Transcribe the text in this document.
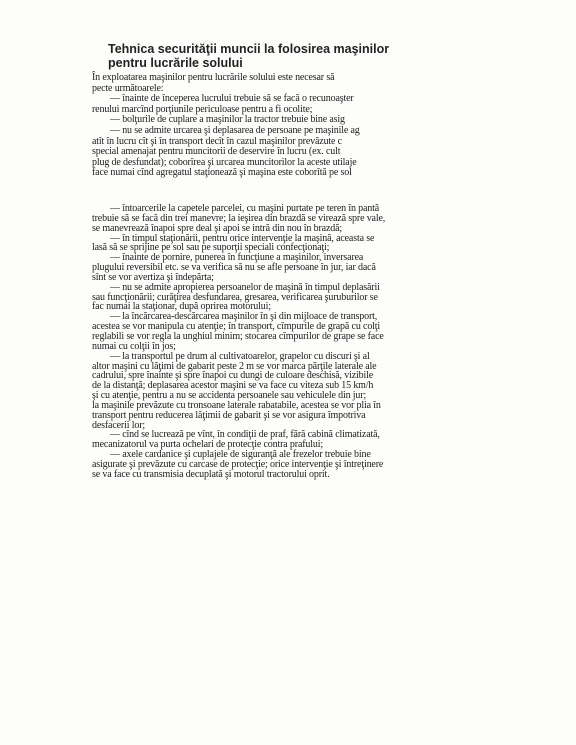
Tehnica securităţii muncii la folosirea maşinilor
pentru lucrările solului
În exploatarea maşinilor pentru lucrările solului este necesar să
pecte următoarele:
— înainte de începerea lucrului trebuie să se facă o recunoaşter
renului marcînd porţiunile periculoase pentru a fi ocolite;
— bolţurile de cuplare a maşinilor la tractor trebuie bine asig
— nu se admite urcarea şi deplasarea de persoane pe maşinile ag
atît în lucru cît şi în transport decît în cazul maşinilor prevăzute c
special amenajat pentru muncitorii de deservire în lucru (ex. cult
plug de desfundat); coborîrea şi urcarea muncitorilor la aceste utilaje
face numai cînd agregatul staţionează şi maşina este coborîtă pe sol
— întoarcerile la capetele parcelei, cu maşini purtate pe teren în pantă
trebuie să se facă din trei manevre; la ieşirea din brazdă se virează spre vale,
se manevrează înapoi spre deal şi apoi se intră din nou în brazdă;
— în timpul staţionării, pentru orice intervenţie la maşină, aceasta se
lasă să se sprijine pe sol sau pe suporţii speciali confecţionaţi;
— înainte de pornire, punerea în funcţiune a maşinilor, inversarea
plugului reversibil etc. se va verifica să nu se afle persoane în jur, iar dacă
sînt se vor avertiza şi îndepărta;
— nu se admite apropierea persoanelor de maşină în timpul deplasării
sau funcţionării; curăţirea desfundarea, gresarea, verificarea şuruburilor se
fac numai la staţionar, după oprirea motorului;
— la încărcarea-descărcarea maşinilor în şi din mijloace de transport,
acestea se vor manipula cu atenţie; în transport, cîmpurile de grapă cu colţi
reglabili se vor regla la unghiul minim; stocarea cîmpurilor de grape se face
numai cu colţii în jos;
— la transportul pe drum al cultivatoarelor, grapelor cu discuri şi al
altor maşini cu lăţimi de gabarit peste 2 m se vor marca părţile laterale ale
cadrului, spre înainte şi spre înapoi cu dungi de culoare deschisă, vizibile
de la distanţă; deplasarea acestor maşini se va face cu viteza sub 15 km/h
şi cu atenţie, pentru a nu se accidenta persoanele sau vehiculele din jur;
la maşinile prevăzute cu tronsoane laterale rabatabile, acestea se vor plia în
transport pentru reducerea lăţimii de gabarit şi se vor asigura împotriva
desfacerii lor;
— cînd se lucrează pe vînt, în condiţii de praf, fără cabină climatizată,
mecanizatorul va purta ochelari de protecţie contra prafului;
— axele cardanice şi cuplajele de siguranţă ale frezelor trebuie bine
asigurate şi prevăzute cu carcase de protecţie; orice intervenţie şi întreţinere
se va face cu transmisia decuplată şi motorul tractorului oprit.
